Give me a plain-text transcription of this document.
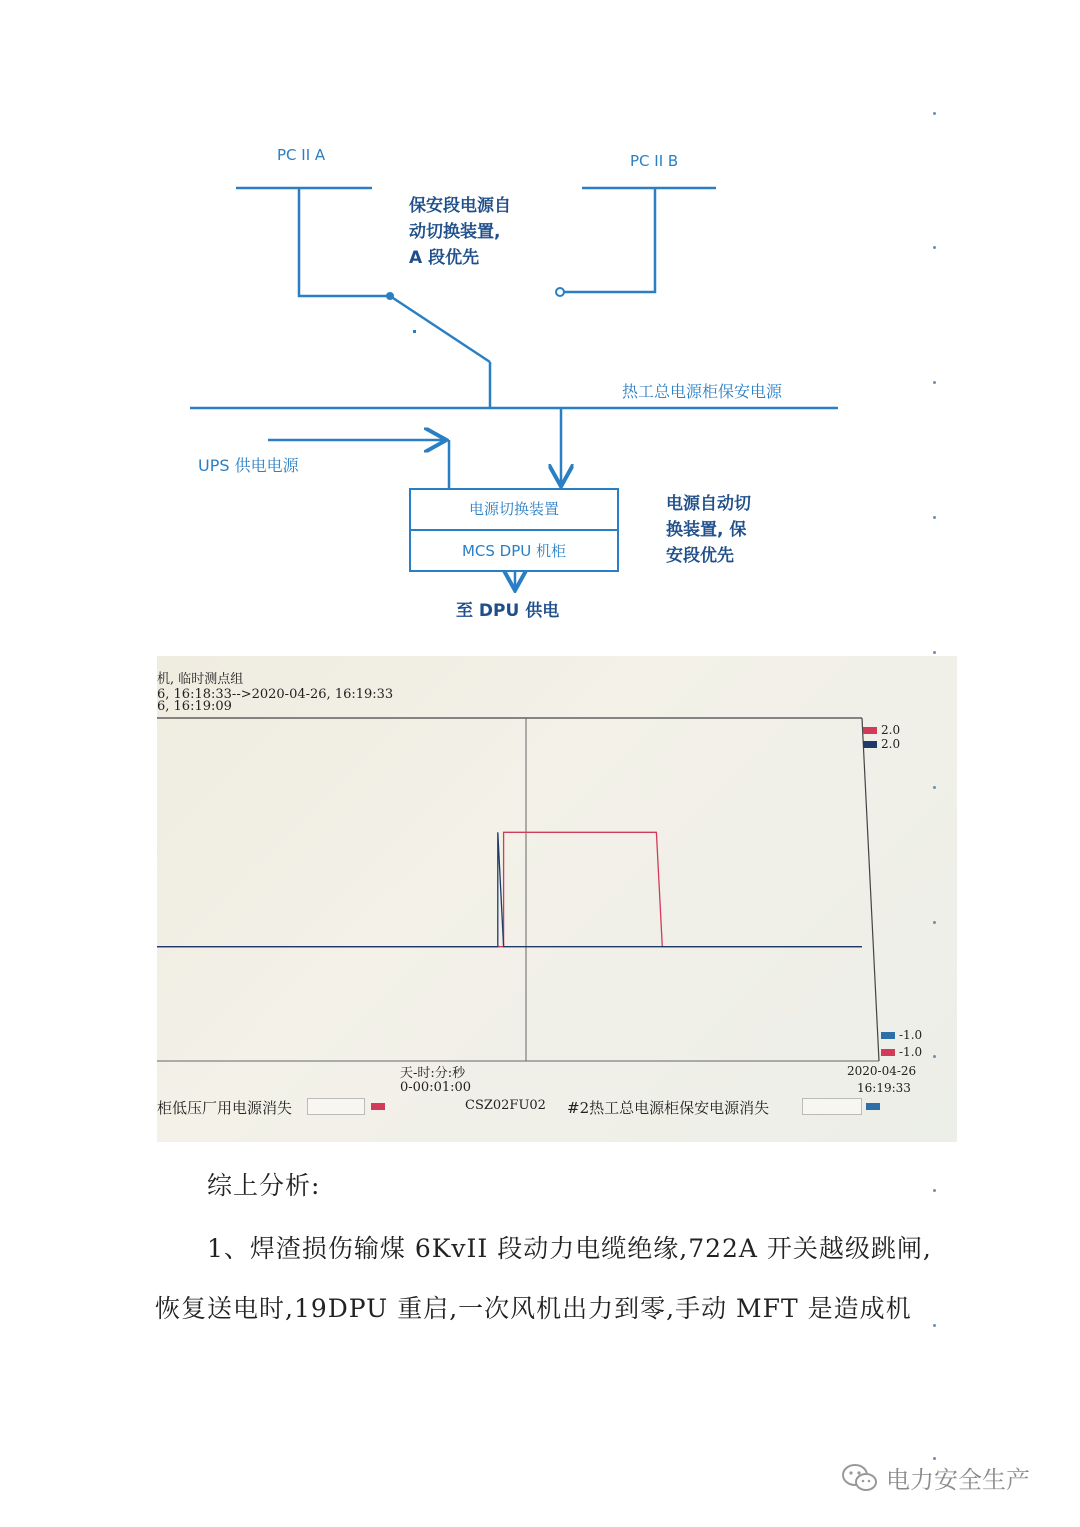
PC II A	PC II B
保安段电源自
动切换装置,
A 段优先
热工总电源柜保安电源
UPS 供电电源
电源切换装置
MCS DPU 机柜
至 DPU 供电
电源自动切
换装置, 保
安段优先
机, 临时测点组
6, 16:18:33-->2020-04-26, 16:19:33
6, 16:19:09
2.0
2.0
-1.0
-1.0
天-时:分:秒
0-00:01:00
2020-04-26
16:19:33
柜低压厂用电源消失	CSZ02FU02 #2热工总电源柜保安电源消失
综上分析:
1、焊渣损伤输煤 6KvII 段动力电缆绝缘,722A 开关越级跳闸,
恢复送电时,19DPU 重启,一次风机出力到零,手动 MFT 是造成机
电力安全生产
